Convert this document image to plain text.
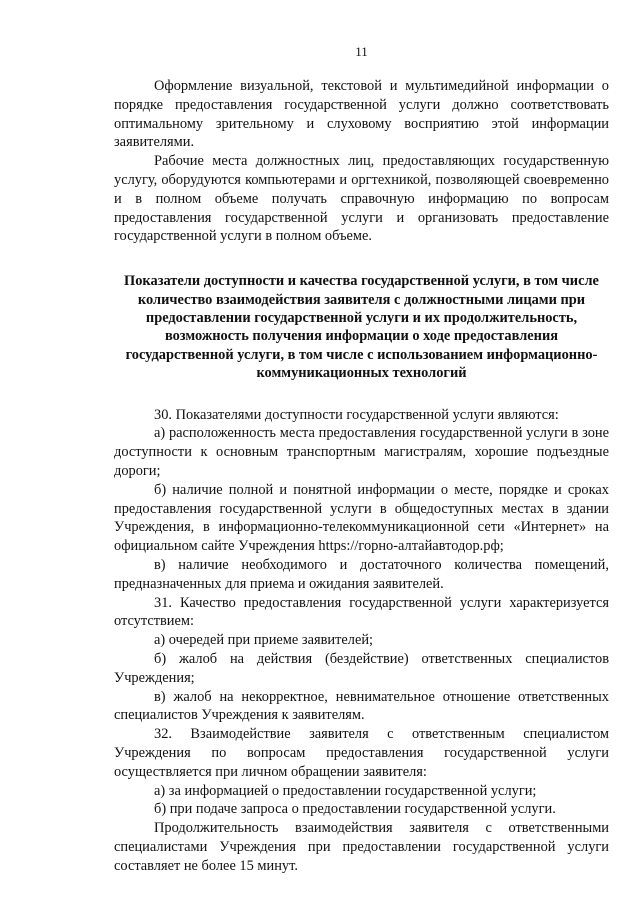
11

Оформление визуальной, текстовой и мультимедийной информации о порядке предоставления государственной услуги должно соответствовать оптимальному зрительному и слуховому восприятию этой информации заявителями.

Рабочие места должностных лиц, предоставляющих государственную услугу, оборудуются компьютерами и оргтехникой, позволяющей своевременно и в полном объеме получать справочную информацию по вопросам предоставления государственной услуги и организовать предоставление государственной услуги в полном объеме.

Показатели доступности и качества государственной услуги, в том числе количество взаимодействия заявителя с должностными лицами при предоставлении государственной услуги и их продолжительность, возможность получения информации о ходе предоставления государственной услуги, в том числе с использованием информационно-коммуникационных технологий

30. Показателями доступности государственной услуги являются:

а) расположенность места предоставления государственной услуги в зоне доступности к основным транспортным магистралям, хорошие подъездные дороги;

б) наличие полной и понятной информации о месте, порядке и сроках предоставления государственной услуги в общедоступных местах в здании Учреждения, в информационно-телекоммуникационной сети «Интернет» на официальном сайте Учреждения https://горно-алтайавтодор.рф;

в) наличие необходимого и достаточного количества помещений, предназначенных для приема и ожидания заявителей.

31. Качество предоставления государственной услуги характеризуется отсутствием:

а) очередей при приеме заявителей;

б) жалоб на действия (бездействие) ответственных специалистов Учреждения;

в) жалоб на некорректное, невнимательное отношение ответственных специалистов Учреждения к заявителям.

32. Взаимодействие заявителя с ответственным специалистом Учреждения по вопросам предоставления государственной услуги осуществляется при личном обращении заявителя:

а) за информацией о предоставлении государственной услуги;

б) при подаче запроса о предоставлении государственной услуги.

Продолжительность взаимодействия заявителя с ответственными специалистами Учреждения при предоставлении государственной услуги составляет не более 15 минут.
